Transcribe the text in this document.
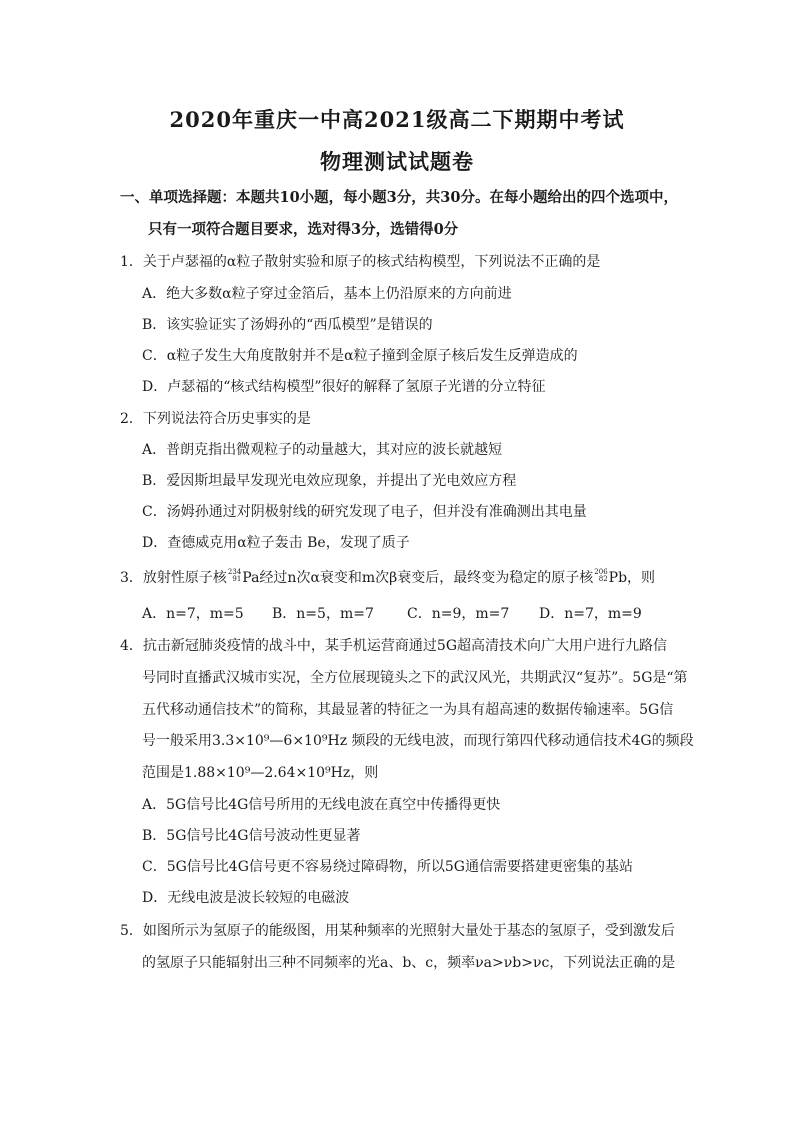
2020年重庆一中高2021级高二下期期中考试
物理测试试题卷
一、单项选择题：本题共10小题，每小题3分，共30分。在每小题给出的四个选项中，
只有一项符合题目要求，选对得3分，选错得0分
1．关于卢瑟福的α粒子散射实验和原子的核式结构模型，下列说法不正确的是
A．绝大多数α粒子穿过金箔后，基本上仍沿原来的方向前进
B．该实验证实了汤姆孙的“西瓜模型”是错误的
C．α粒子发生大角度散射并不是α粒子撞到金原子核后发生反弹造成的
D．卢瑟福的“核式结构模型”很好的解释了氢原子光谱的分立特征
2．下列说法符合历史事实的是
A．普朗克指出微观粒子的动量越大，其对应的波长就越短
B．爱因斯坦最早发现光电效应现象，并提出了光电效应方程
C．汤姆孙通过对阴极射线的研究发现了电子，但并没有准确测出其电量
D．查德威克用α粒子轰击 Be，发现了质子
3．放射性原子核 234
91 Pa经过n次α衰变和m次β衰变后，最终变为稳定的原子核 206
82 Pb，则
A．n=7，m=5 B．n=5，m=7 C．n=9，m=7 D．n=7，m=9
4．抗击新冠肺炎疫情的战斗中，某手机运营商通过5G超高清技术向广大用户进行九路信
号同时直播武汉城市实况，全方位展现镜头之下的武汉风光，共期武汉“复苏”。5G是“第
五代移动通信技术”的简称，其最显著的特征之一为具有超高速的数据传输速率。5G信
号一般采用3.3×10⁹—6×10⁹Hz 频段的无线电波，而现行第四代移动通信技术4G的频段
范围是1.88×10⁹—2.64×10⁹Hz，则
A．5G信号比4G信号所用的无线电波在真空中传播得更快
B．5G信号比4G信号波动性更显著
C．5G信号比4G信号更不容易绕过障碍物，所以5G通信需要搭建更密集的基站
D．无线电波是波长较短的电磁波
5．如图所示为氢原子的能级图，用某种频率的光照射大量处于基态的氢原子，受到激发后
的氢原子只能辐射出三种不同频率的光a、b、c，频率νa>νb>νc，下列说法正确的是
